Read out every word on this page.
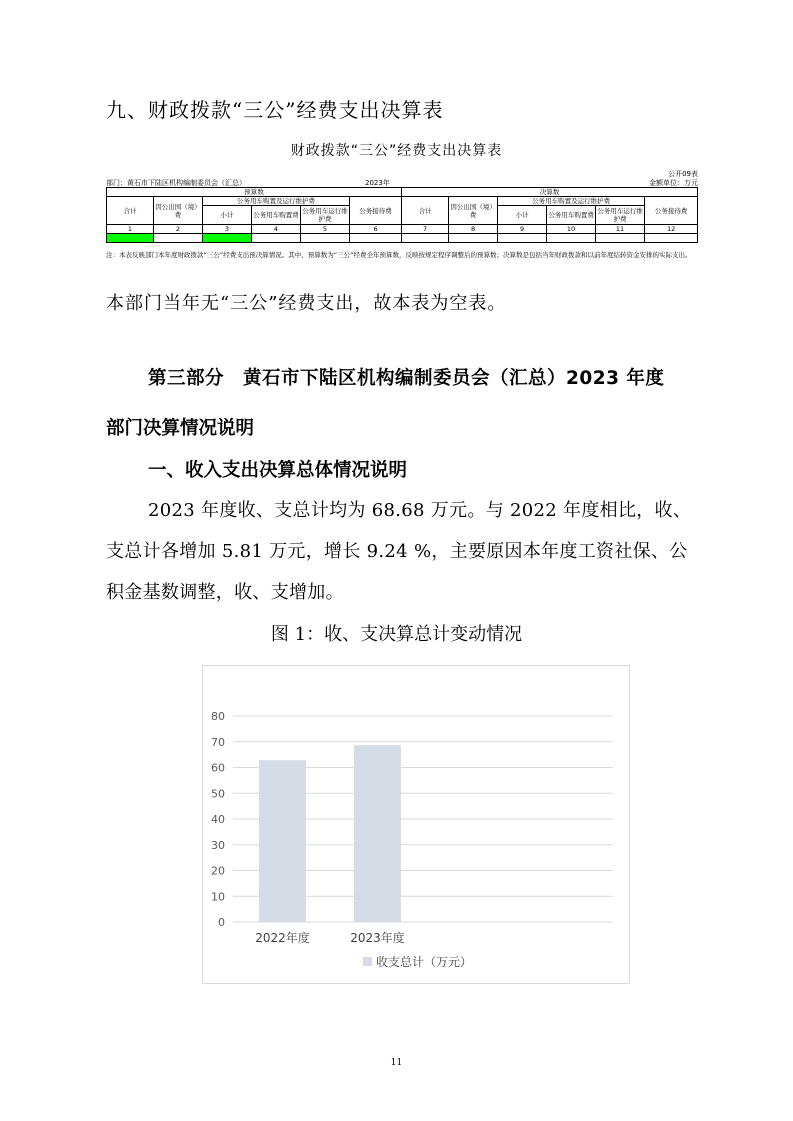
九、财政拨款“三公”经费支出决算表
财政拨款“三公”经费支出决算表
公开09表
部门：黄石市下陆区机构编制委员会（汇总）	2023年	金额单位：万元
预算数						决算数					
合计	因公出国（境）费	公务用车购置及运行维护费			公务接待费	合计	因公出国（境）费	公务用车购置及运行维护费			公务接待费
		小计	公务用车购置费	公务用车运行维护费				小计	公务用车购置费	公务用车运行维护费	
1	2	3	4	5	6	7	8	9	10	11	12

注：本表反映部门本年度财政拨款“三公”经费支出预决算情况。其中，预算数为“三公”经费全年预算数，反映按规定程序调整后的预算数；决算数是包括当年财政拨款和以前年度结转资金安排的实际支出。
本部门当年无“三公”经费支出，故本表为空表。
第三部分　黄石市下陆区机构编制委员会（汇总）2023 年度
部门决算情况说明
一、收入支出决算总体情况说明
2023 年度收、支总计均为 68.68 万元。与 2022 年度相比，收、支总计各增加 5.81 万元，增长 9.24 %，主要原因本年度工资社保、公积金基数调整，收、支增加。
图 1：收、支决算总计变动情况
0
10
20
30
40
50
60
70
80
2022年度	2023年度
收支总计（万元）
11
